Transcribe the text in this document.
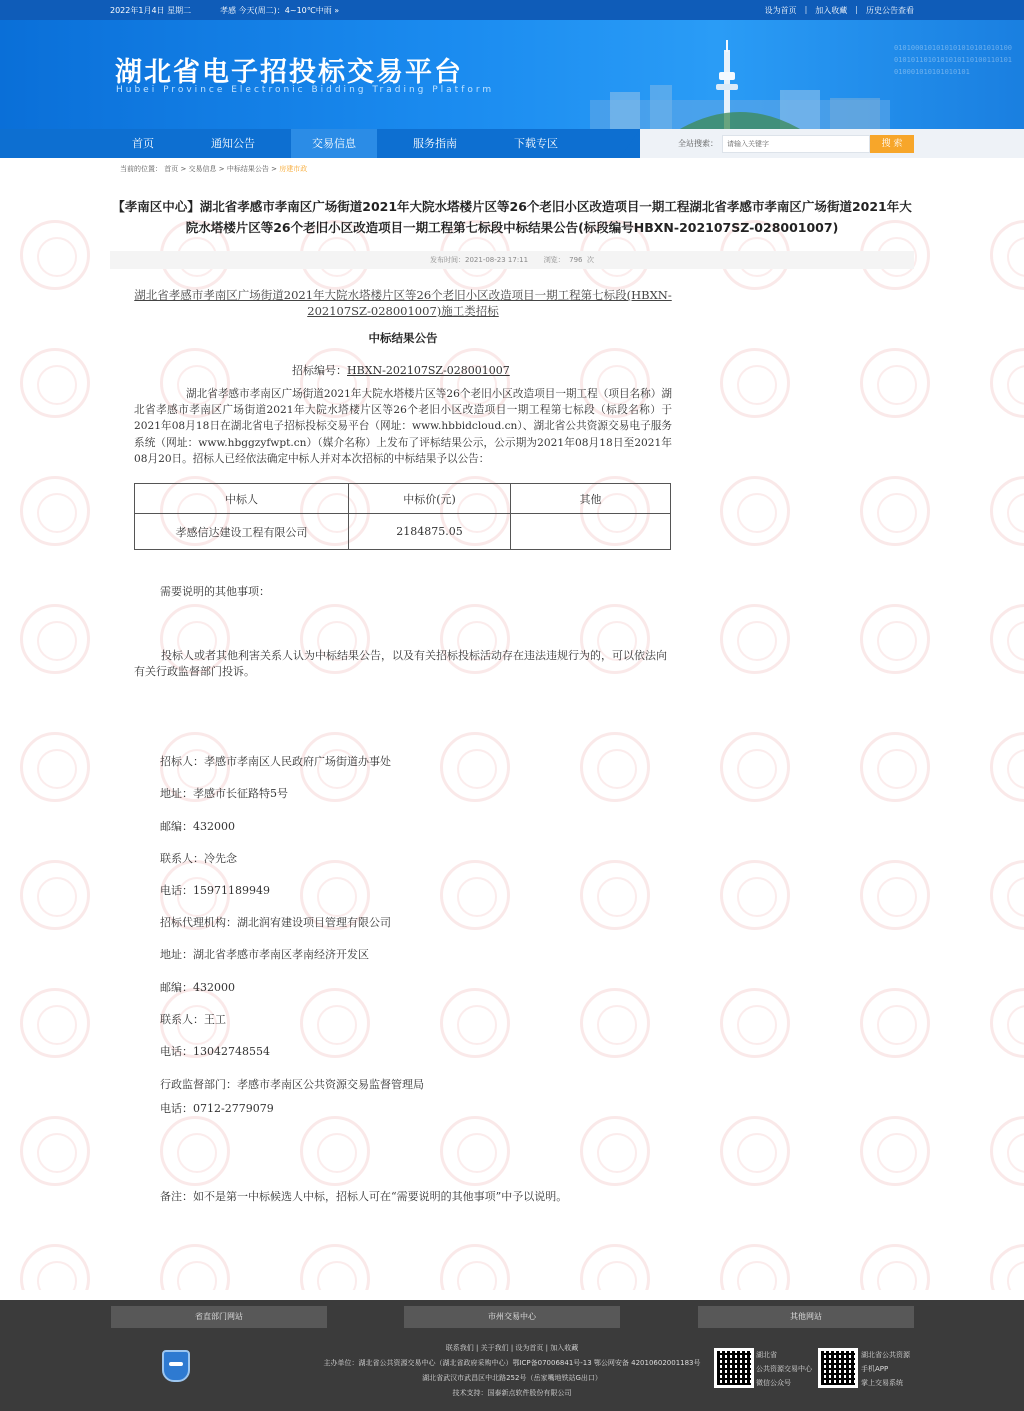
2022年1月4日 星期二	孝感 今天(周二)：4~10℃中雨 »	设为首页 | 加入收藏 | 历史公告查看
湖北省电子招投标交易平台
Hubei Province Electronic Bidding Trading Platform
01010001010101010101010101000101011010101010110100110101010001010101010101
首页	通知公告	交易信息	服务指南	下载专区	全站搜索：	请输入关键字	搜 索
当前的位置： 首页 > 交易信息 > 中标结果公告 > 房建市政
【孝南区中心】湖北省孝感市孝南区广场街道2021年大院水塔楼片区等26个老旧小区改造项目一期工程湖北省孝感市孝南区广场街道2021年大院水塔楼片区等26个老旧小区改造项目一期工程第七标段中标结果公告(标段编号HBXN-202107SZ-028001007)
发布时间：2021-08-23 17:11 浏览： 796 次
湖北省孝感市孝南区广场街道2021年大院水塔楼片区等26个老旧小区改造项目一期工程第七标段(HBXN-202107SZ-028001007)施工类招标
中标结果公告
招标编号：HBXN-202107SZ-028001007
湖北省孝感市孝南区广场街道2021年大院水塔楼片区等26个老旧小区改造项目一期工程（项目名称）湖北省孝感市孝南区广场街道2021年大院水塔楼片区等26个老旧小区改造项目一期工程第七标段（标段名称）于2021年08月18日在湖北省电子招标投标交易平台（网址：www.hbbidcloud.cn）、湖北省公共资源交易电子服务系统（网址：www.hbggzyfwpt.cn）（媒介名称）上发布了评标结果公示，公示期为2021年08月18日至2021年08月20日。招标人已经依法确定中标人并对本次招标的中标结果予以公告：
中标人	中标价(元)	其他
孝感信达建设工程有限公司	2184875.05	
需要说明的其他事项：
投标人或者其他利害关系人认为中标结果公告，以及有关招标投标活动存在违法违规行为的，可以依法向有关行政监督部门投诉。
招标人：孝感市孝南区人民政府广场街道办事处
地址：孝感市长征路特5号
邮编：432000
联系人：冷先念
电话：15971189949
招标代理机构：湖北润宥建设项目管理有限公司
地址：湖北省孝感市孝南区孝南经济开发区
邮编：432000
联系人：王工
电话：13042748554
行政监督部门：孝感市孝南区公共资源交易监督管理局
电话：0712-2779079
备注：如不是第一中标候选人中标，招标人可在“需要说明的其他事项”中予以说明。
省直部门网站	市州交易中心	其他网站
联系我们 | 关于我们 | 设为首页 | 加入收藏
主办单位：湖北省公共资源交易中心（湖北省政府采购中心）鄂ICP备07006841号-13 鄂公网安备 42010602001183号
湖北省武汉市武昌区中北路252号（岳家嘴地铁站G出口）
技术支持：国泰新点软件股份有限公司
湖北省
公共资源交易中心
微信公众号
湖北省公共资源
手机APP
掌上交易系统
